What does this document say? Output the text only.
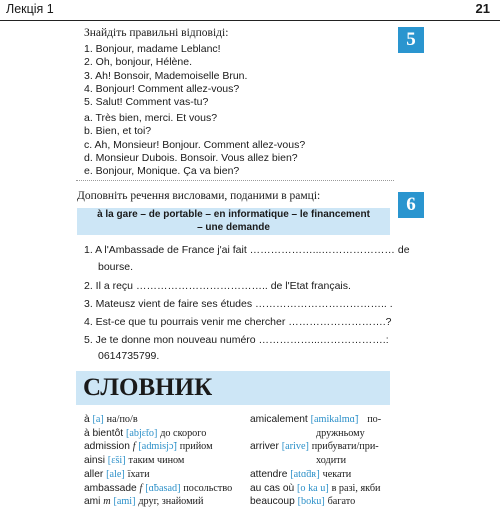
Лекція 1	21
5
Знайдіть правильні відповіді:
1. Bonjour, madame Leblanc!
2. Oh, bonjour, Hélène.
3. Ah! Bonsoir, Mademoiselle Brun.
4. Bonjour! Comment allez-vous?
5. Salut! Comment vas-tu?
a. Très bien, merci. Et vous?
b. Bien, et toi?
c. Ah, Monsieur! Bonjour. Comment allez-vous?
d. Monsieur Dubois. Bonsoir. Vous allez bien?
e. Bonjour, Monique. Ça va bien?
6
Доповніть речення висловами, поданими в рамці:
à la gare – de portable – en informatique – le financement
– une demande
1. A l'Ambassade de France j'ai fait ………………...………………… de
bourse.
2. Il a reçu ……………………………….. de l'Etat français.
3. Mateusz vient de faire ses études ……………………………….. .
4. Est-ce que tu pourrais venir me chercher ……………………….?
5. Je te donne mon nouveau numéro ……………...……………….:
0614735799.
СЛОВНИК
à [a] на/по/в
à bientôt [abjɛ̃to] до скорого
admission f [admisjɔ̃] прийом
ainsi [ɛ̃si] таким чином
aller [ale] їхати
ambassade f [ɑ̃basad] посольство
ami m [ami] друг, знайомий
amicalement [amikalmɑ̃] по-
дружньому
arriver [arive] прибувати/при-
ходити
attendre [atɑ̃dʀ] чекати
au cas où [o ka u] в разі, якби
beaucoup [boku] багато
